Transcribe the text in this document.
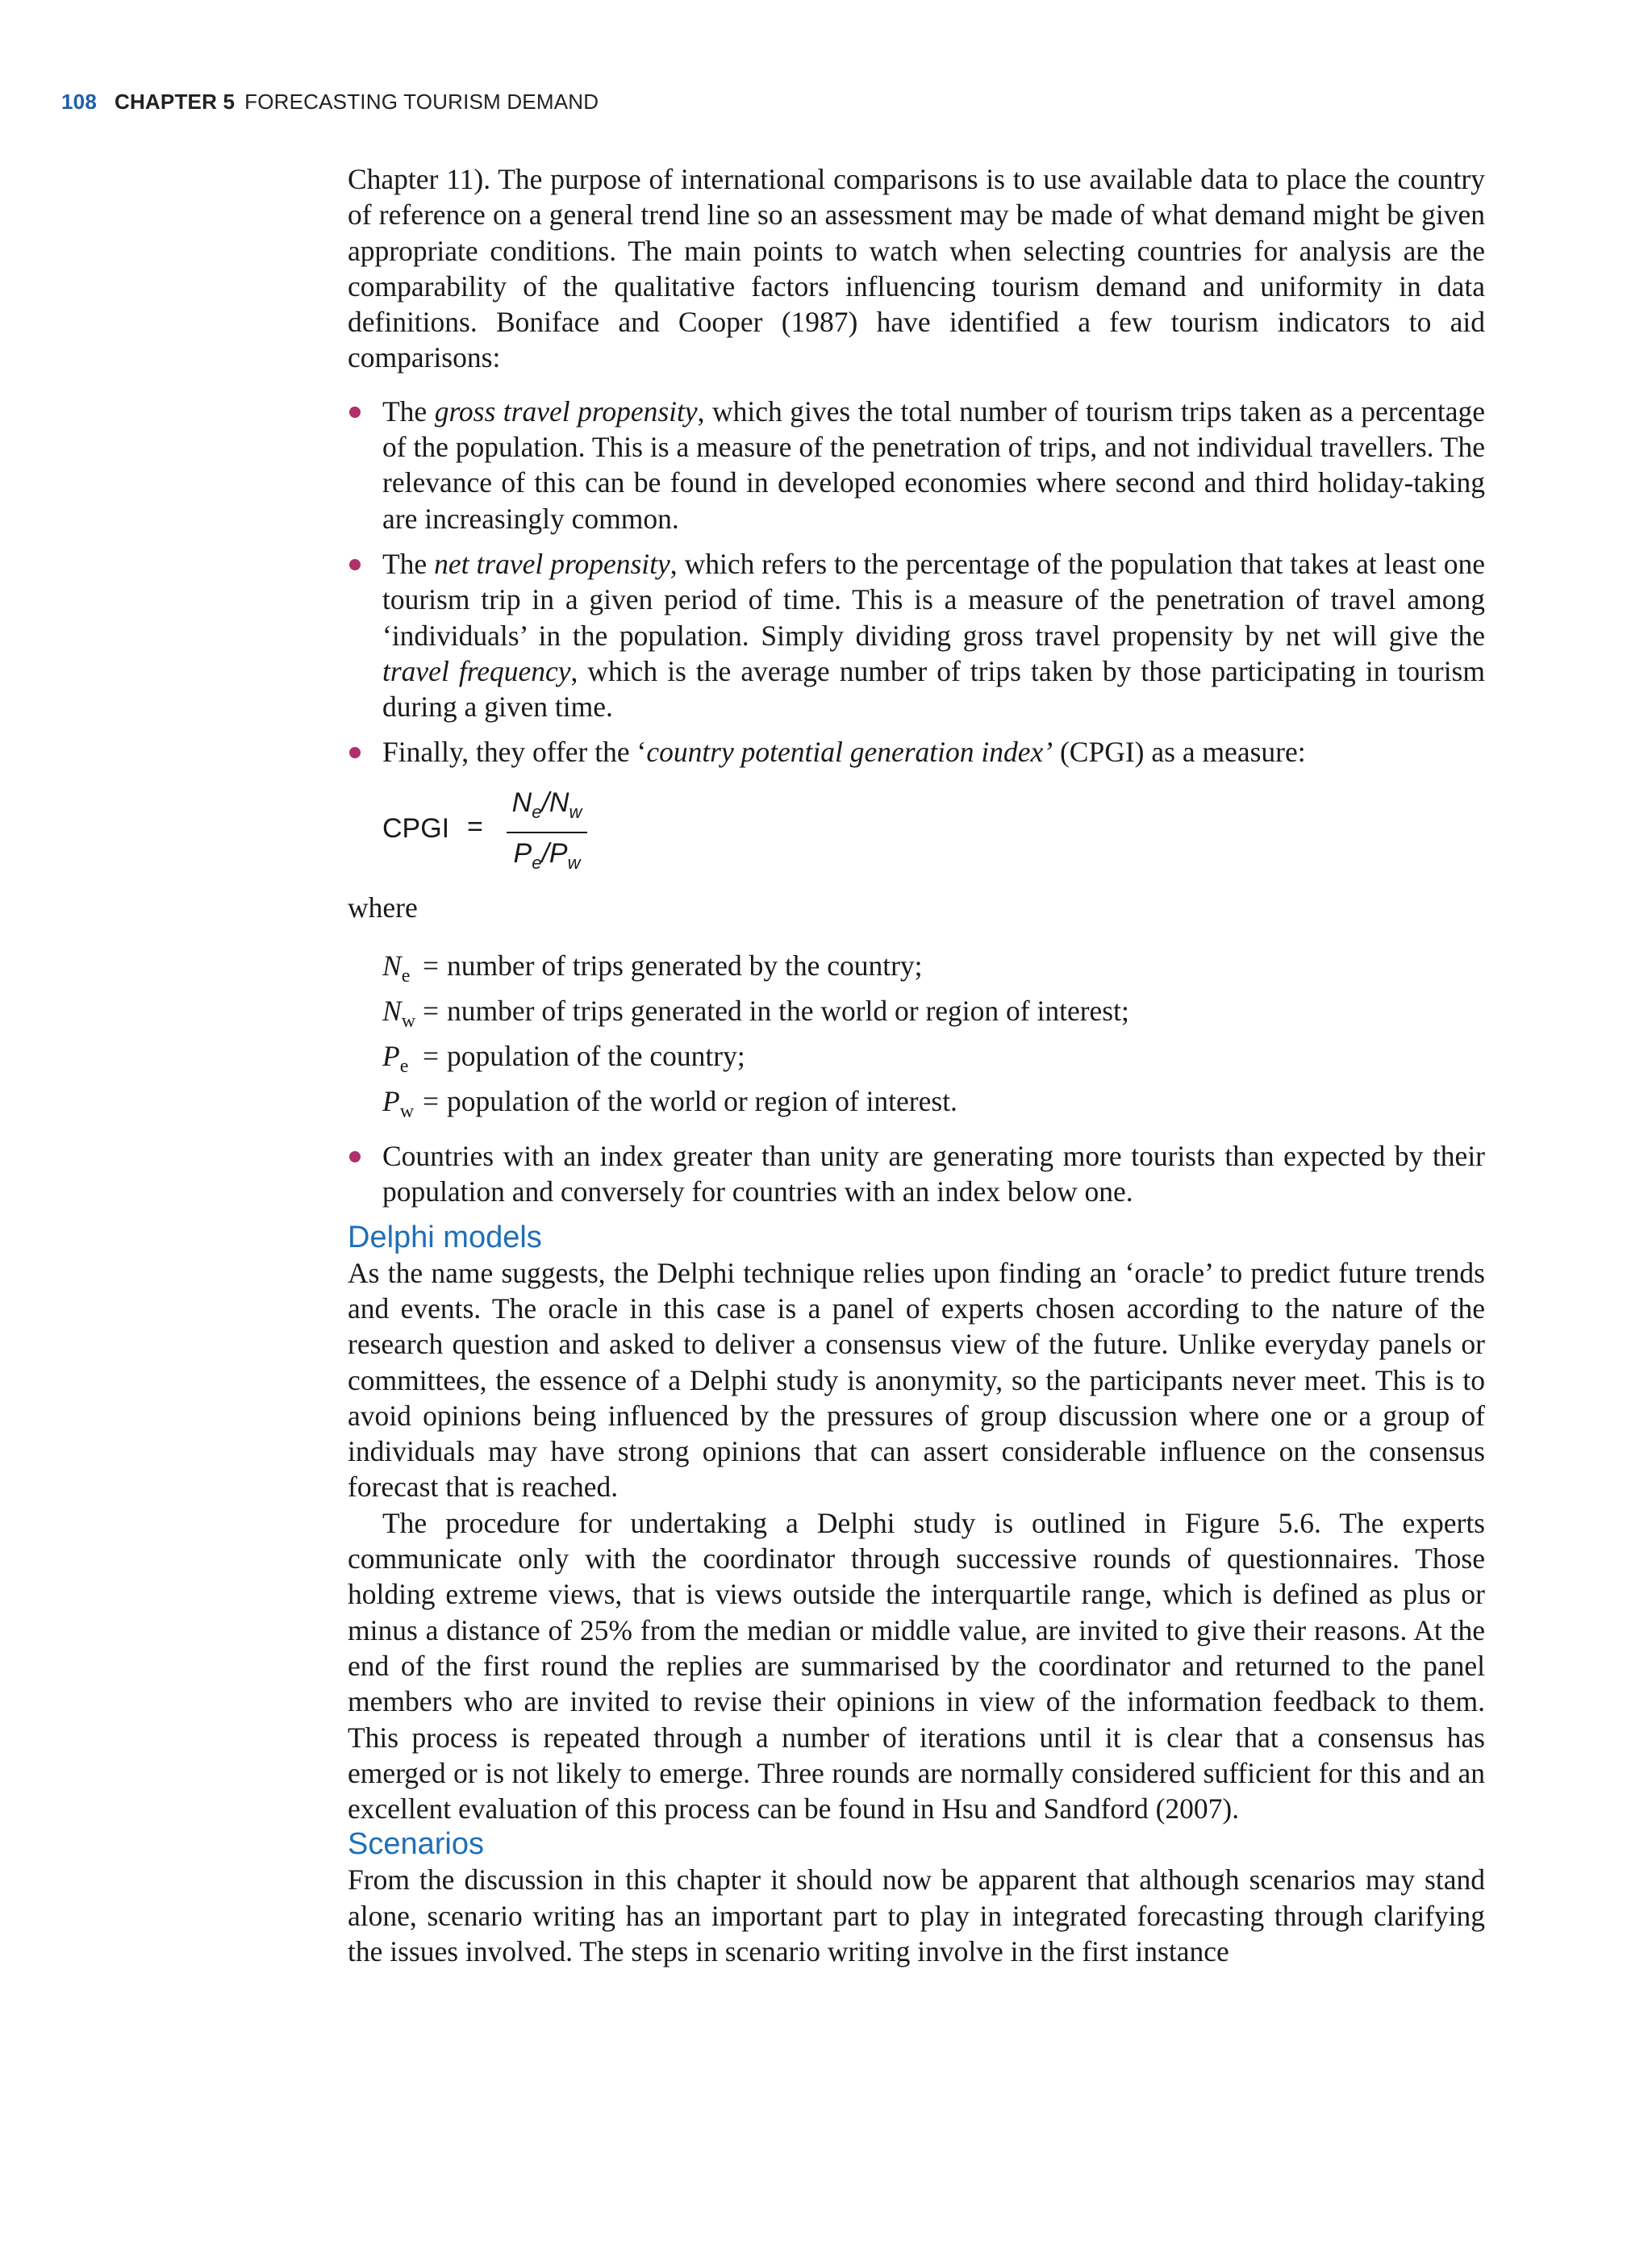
108 CHAPTER 5 FORECASTING TOURISM DEMAND

Chapter 11). The purpose of international comparisons is to use available data to place the country of reference on a general trend line so an assessment may be made of what demand might be given appropriate conditions. The main points to watch when selecting countries for analysis are the comparability of the qualitative factors influencing tourism demand and uniformity in data definitions. Boniface and Cooper (1987) have identified a few tourism indicators to aid comparisons:

The gross travel propensity, which gives the total number of tourism trips taken as a percentage of the population. This is a measure of the penetration of trips, and not individual travellers. The relevance of this can be found in developed economies where second and third holiday-taking are increasingly common.
The net travel propensity, which refers to the percentage of the population that takes at least one tourism trip in a given period of time. This is a measure of the penetration of travel among ‘individuals’ in the population. Simply dividing gross travel propensity by net will give the travel frequency, which is the average number of trips taken by those participating in tourism during a given time.
Finally, they offer the ‘country potential generation index’ (CPGI) as a measure:
CPGI =
$N_e/N_w$
$P_e/P_w$

where

$N_e$ = number of trips generated by the country;
$N_w$ = number of trips generated in the world or region of interest;
$P_e$ = population of the country;
$P_w$ = population of the world or region of interest.
Countries with an index greater than unity are generating more tourists than expected by their population and conversely for countries with an index below one.
Delphi models

As the name suggests, the Delphi technique relies upon finding an ‘oracle’ to predict future trends and events. The oracle in this case is a panel of experts chosen according to the nature of the research question and asked to deliver a consensus view of the future. Unlike everyday panels or committees, the essence of a Delphi study is anonymity, so the participants never meet. This is to avoid opinions being influenced by the pressures of group discussion where one or a group of individuals may have strong opinions that can assert considerable influence on the consensus forecast that is reached.

The procedure for undertaking a Delphi study is outlined in Figure 5.6. The experts communicate only with the coordinator through successive rounds of questionnaires. Those holding extreme views, that is views outside the interquartile range, which is defined as plus or minus a distance of 25% from the median or middle value, are invited to give their reasons. At the end of the first round the replies are summarised by the coordinator and returned to the panel members who are invited to revise their opinions in view of the information feedback to them. This process is repeated through a number of iterations until it is clear that a consensus has emerged or is not likely to emerge. Three rounds are normally considered sufficient for this and an excellent evaluation of this process can be found in Hsu and Sandford (2007).

Scenarios

From the discussion in this chapter it should now be apparent that although scenarios may stand alone, scenario writing has an important part to play in integrated forecasting through clarifying the issues involved. The steps in scenario writing involve in the first instance
